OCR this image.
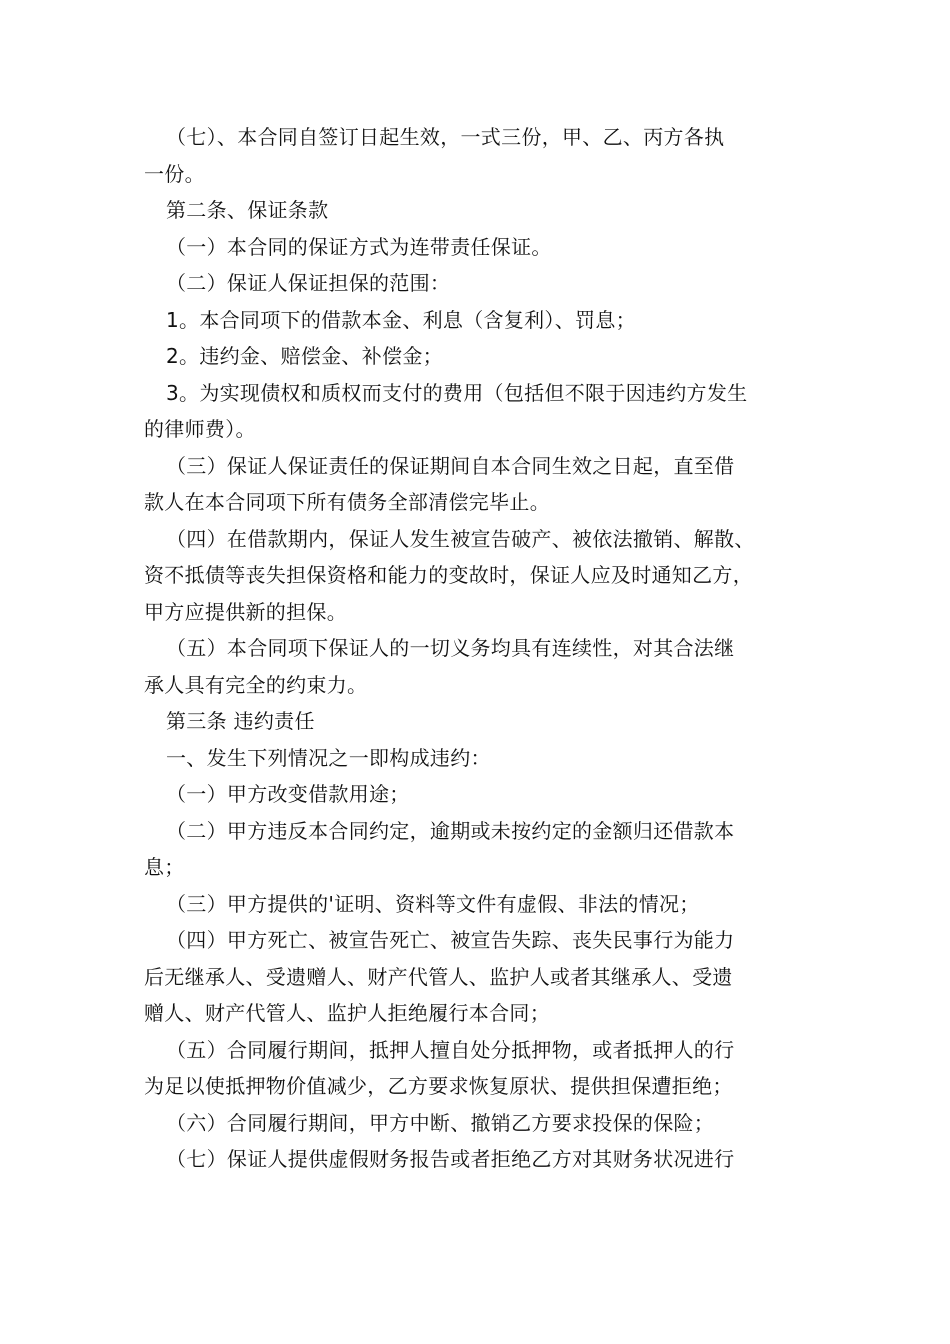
（七）、本合同自签订日起生效，一式三份，甲、乙、丙方各执
一份。
第二条、保证条款
（一）本合同的保证方式为连带责任保证。
（二）保证人保证担保的范围：
1。本合同项下的借款本金、利息（含复利）、罚息；
2。违约金、赔偿金、补偿金；
3。为实现债权和质权而支付的费用（包括但不限于因违约方发生
的律师费）。
（三）保证人保证责任的保证期间自本合同生效之日起，直至借
款人在本合同项下所有债务全部清偿完毕止。
（四）在借款期内，保证人发生被宣告破产、被依法撤销、解散、
资不抵债等丧失担保资格和能力的变故时，保证人应及时通知乙方，
甲方应提供新的担保。
（五）本合同项下保证人的一切义务均具有连续性，对其合法继
承人具有完全的约束力。
第三条 违约责任
一、发生下列情况之一即构成违约：
（一）甲方改变借款用途；
（二）甲方违反本合同约定，逾期或未按约定的金额归还借款本
息；
（三）甲方提供的'证明、资料等文件有虚假、非法的情况；
（四）甲方死亡、被宣告死亡、被宣告失踪、丧失民事行为能力
后无继承人、受遗赠人、财产代管人、监护人或者其继承人、受遗
赠人、财产代管人、监护人拒绝履行本合同；
（五）合同履行期间，抵押人擅自处分抵押物，或者抵押人的行
为足以使抵押物价值减少，乙方要求恢复原状、提供担保遭拒绝；
（六）合同履行期间，甲方中断、撤销乙方要求投保的保险；
（七）保证人提供虚假财务报告或者拒绝乙方对其财务状况进行
